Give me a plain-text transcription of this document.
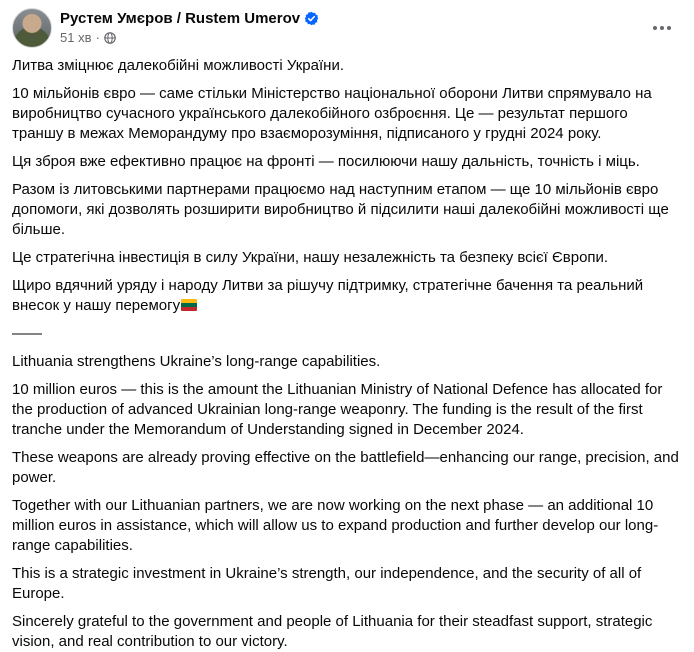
Рустем Умєров / Rustem Umerov
51 хв ·

Литва зміцнює далекобійні можливості України.

10 мільйонів євро — саме стільки Міністерство національної оборони Литви спрямувало на виробництво сучасного українського далекобійного озброєння. Це — результат першого траншу в межах Меморандуму про взаєморозуміння, підписаного у грудні 2024 року.

Ця зброя вже ефективно працює на фронті — посилюючи нашу дальність, точність і міць.

Разом із литовськими партнерами працюємо над наступним етапом — ще 10 мільйонів євро допомоги, які дозволять розширити виробництво й підсилити наші далекобійні можливості ще більше.

Це стратегічна інвестиція в силу України, нашу незалежність та безпеку всієї Європи.

Щиро вдячний уряду і народу Литви за рішучу підтримку, стратегічне бачення та реальний внесок у нашу перемогу

——

Lithuania strengthens Ukraine’s long-range capabilities.

10 million euros — this is the amount the Lithuanian Ministry of National Defence has allocated for the production of advanced Ukrainian long-range weaponry. The funding is the result of the first tranche under the Memorandum of Understanding signed in December 2024.

These weapons are already proving effective on the battlefield—enhancing our range, precision, and power.

Together with our Lithuanian partners, we are now working on the next phase — an additional 10 million euros in assistance, which will allow us to expand production and further develop our long-range capabilities.

This is a strategic investment in Ukraine’s strength, our independence, and the security of all of Europe.

Sincerely grateful to the government and people of Lithuania for their steadfast support, strategic vision, and real contribution to our victory.
